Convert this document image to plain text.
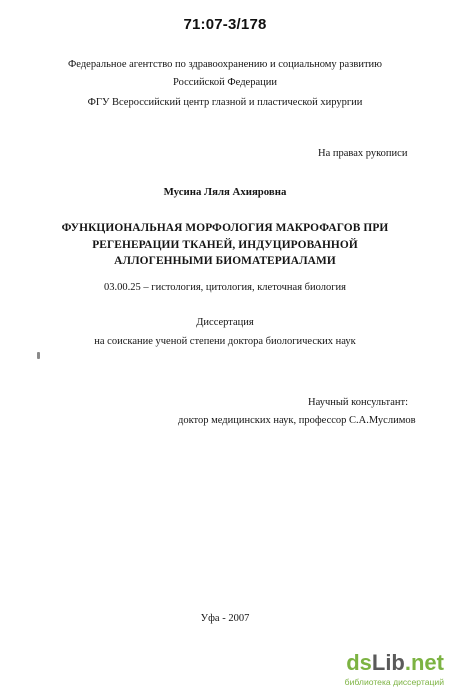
71:07-3/178
Федеральное агентство по здравоохранению и социальному развитию
Российской Федерации
ФГУ Всероссийский центр глазной и пластической хирургии
На правах рукописи
Мусина Ляля Ахияровна
ФУНКЦИОНАЛЬНАЯ МОРФОЛОГИЯ МАКРОФАГОВ ПРИ
РЕГЕНЕРАЦИИ ТКАНЕЙ, ИНДУЦИРОВАННОЙ
АЛЛОГЕННЫМИ БИОМАТЕРИАЛАМИ
03.00.25 – гистология, цитология, клеточная биология
Диссертация
на соискание ученой степени доктора биологических наук
Научный консультант:
доктор медицинских наук, профессор С.А.Муслимов
Уфа - 2007
dsLib.net
библиотека диссертаций
